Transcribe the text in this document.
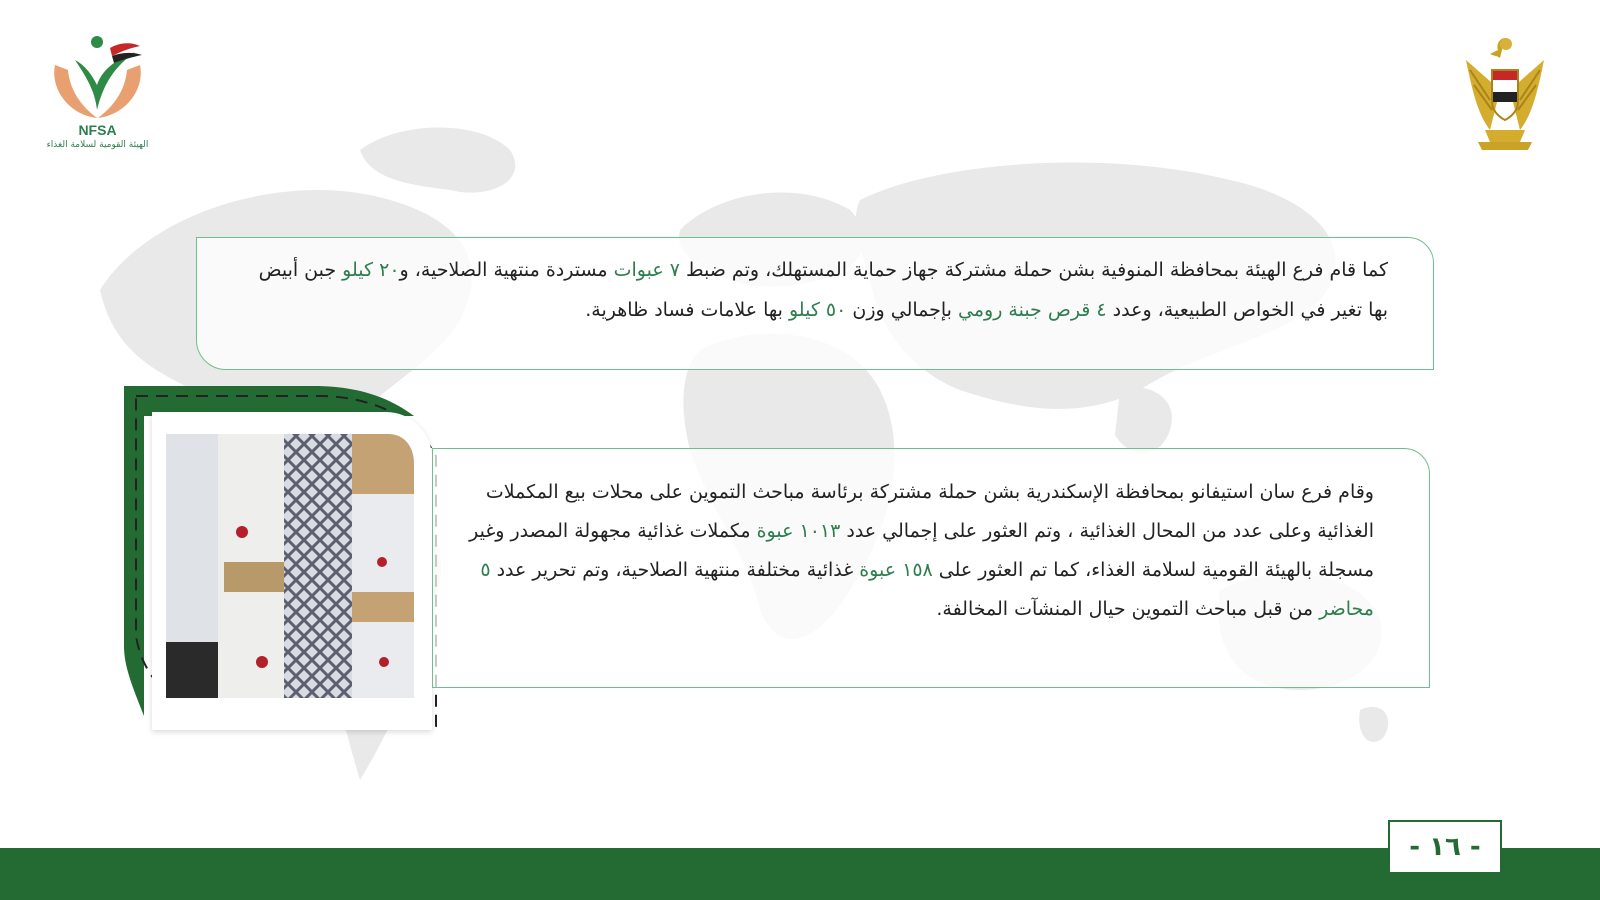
NFSA
الهيئة القومية لسلامة الغذاء
كما قام فرع الهيئة بمحافظة المنوفية بشن حملة مشتركة جهاز حماية المستهلك، وتم ضبط ٧ عبوات مستردة منتهية الصلاحية، و٢٠ كيلو جبن أبيض بها تغير في الخواص الطبيعية، وعدد ٤ قرص جبنة رومي بإجمالي وزن ٥٠ كيلو بها علامات فساد ظاهرية.
وقام فرع سان استيفانو بمحافظة الإسكندرية بشن حملة مشتركة برئاسة مباحث التموين على محلات بيع المكملات الغذائية وعلى عدد من المحال الغذائية ، وتم العثور على إجمالي عدد ١٠١٣ عبوة مكملات غذائية مجهولة المصدر وغير مسجلة بالهيئة القومية لسلامة الغذاء، كما تم العثور على ١٥٨ عبوة غذائية مختلفة منتهية الصلاحية، وتم تحرير عدد ٥ محاضر من قبل مباحث التموين حيال المنشآت المخالفة.
- ١٦ -
